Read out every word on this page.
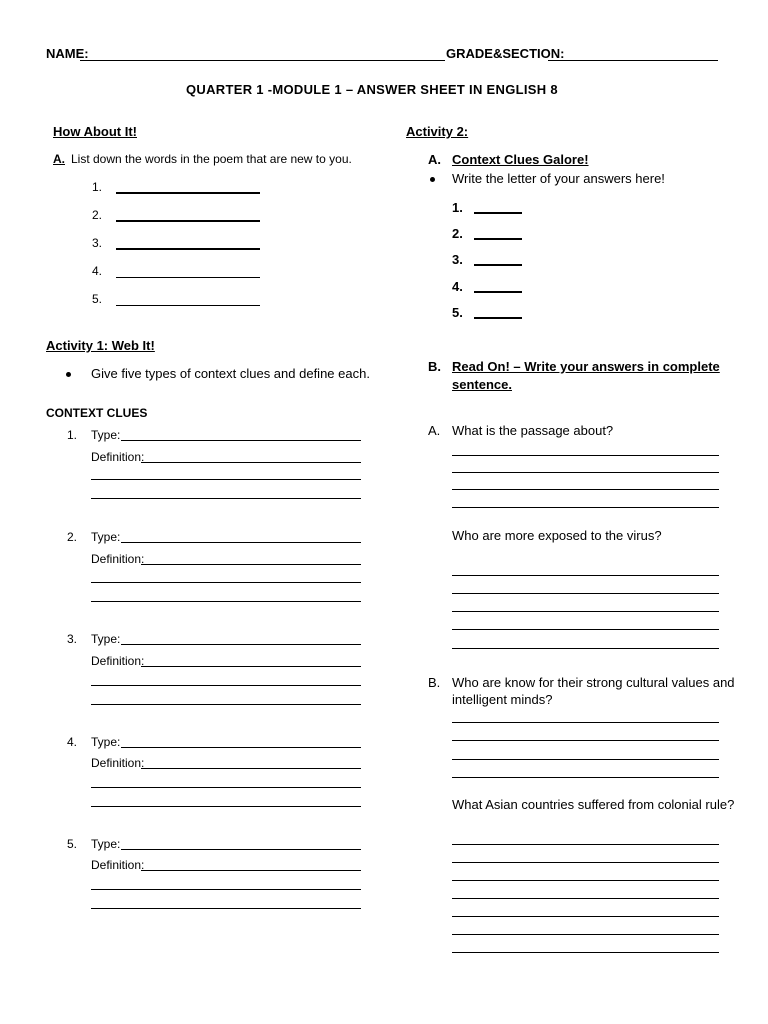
NAME:	GRADE&SECTION:
QUARTER 1 -MODULE 1 – ANSWER SHEET IN ENGLISH 8
How About It!
A. List down the words in the poem that are new to you.
1.
2.
3.
4.
5.
Activity 1: Web It!
Give five types of context clues and define each.
CONTEXT CLUES
1. Type:
Definition:
2. Type:
Definition:
3. Type:
Definition:
4. Type:
Definition:
5. Type:
Definition:
Activity 2:
A. Context Clues Galore!
Write the letter of your answers here!
1.
2.
3.
4.
5.
B. Read On! – Write your answers in complete
sentence.
A. What is the passage about?
Who are more exposed to the virus?
B. Who are know for their strong cultural values and
intelligent minds?
What Asian countries suffered from colonial rule?
